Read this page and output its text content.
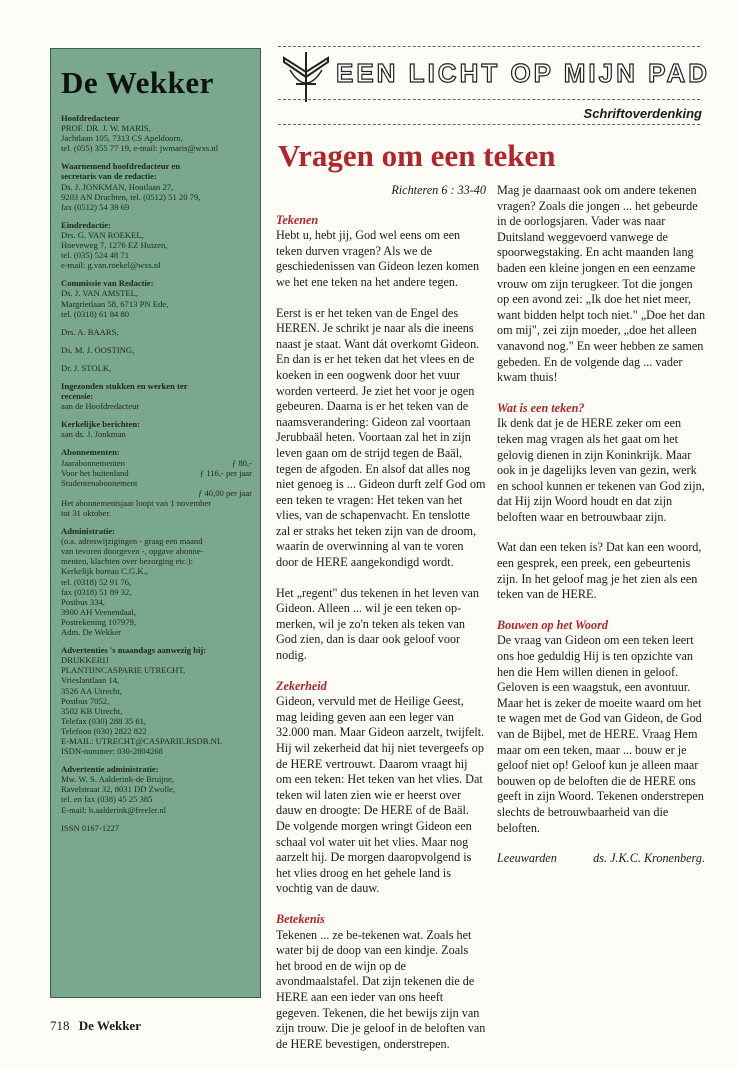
De Wekker
Hoofdredacteur
PROF. DR. J. W. MARIS,
Jachtlaan 105, 7313 CS Apeldoorn,
tel. (055) 355 77 19, e-mail: jwmaris@wxs.nl
Waarnemend hoofdredacteur en
secretaris van de redactie:
Ds. J. JONKMAN, Houtlaan 27,
9203 AN Drachten, tel. (0512) 51 20 79,
fax (0512) 54 39 69
Eindredactie:
Drs. G. VAN ROEKEL,
Hoeveweg 7, 1276 EZ Huizen,
tel. (035) 524 48 71
e-mail: g.van.roekel@wxs.nl
Commissie van Redactie:
Ds. J. VAN AMSTEL,
Margrietlaan 58, 6713 PN Ede,
tel. (0318) 61 84 80
Drs. A. BAARS,
Ds. M. J. OOSTING,
Dr. J. STOLK,
Ingezonden stukken en werken ter
recensie:
aan de Hoofdredacteur
Kerkelijke berichten:
aan ds. J. Jonkman
Abonnementen:
Jaarabonnementen	ƒ 80,-
Voor het buitenland	ƒ 116,- per jaar
Studentenabonnement
ƒ 40,00 per jaar
Het abonnementsjaar loopt van 1 november
tot 31 oktober.
Administratie:
(o.a. adreswijzigingen - graag een maand
van tevoren doorgeven -, opgave abonne-
menten, klachten over bezorging etc.):
Kerkelijk bureau C.G.K.,
tel. (0318) 52 91 76,
fax (0318) 51 89 32,
Postbus 334,
3900 AH Veenendaal,
Postrekening 107979,
Adm. De Wekker
Advertenties 's maandags aanwezig bij:
DRUKKERIJ
PLANTIJNCASPARIE UTRECHT,
Vrieslantlaan 14,
3526 AA Utrecht,
Postbus 7052,
3502 KB Utrecht,
Telefax (030) 288 35 61,
Telefoon (030) 2822 822
E-MAIL: UTRECHT@CASPARIE.RSDB.NL
ISDN-nummer: 030-2804268
Advertentie administratie:
Mw. W. S. Aalderink-de Bruijne,
Ravelstraat 32, 8031 DD Zwolle,
tel. en fax (038) 45 25 385
E-mail: h.aalderink@freeler.nl
ISSN 0167-1227
718 De Wekker
EEN LICHT OP MIJN PAD
Schriftoverdenking
Vragen om een teken

Richteren 6 : 33-40

Tekenen

Hebt u, hebt jij, God wel eens om een teken durven vragen? Als we de geschiedenissen van Gideon lezen komen we het ene teken na het andere tegen.

Eerst is er het teken van de Engel des HEREN. Je schrikt je naar als die ineens naast je staat. Want dát overkomt Gideon. En dan is er het teken dat het vlees en de koeken in een oogwenk door het vuur worden verteerd. Je ziet het voor je ogen gebeuren. Daarna is er het teken van de naamsverandering: Gideon zal voortaan Jerubbaäl heten. Voortaan zal het in zijn leven gaan om de strijd tegen de Baäl, tegen de afgoden. En alsof dat alles nog niet genoeg is ... Gideon durft zelf God om een teken te vragen: Het teken van het vlies, van de schapenvacht. En tenslotte zal er straks het teken zijn van de droom, waarin de overwinning al van te voren door de HERE aangekondigd wordt.

Het „regent" dus tekenen in het leven van Gideon. Alleen ... wil je een teken op-merken, wil je zo'n teken als teken van God zien, dan is daar ook geloof voor nodig.

Zekerheid

Gideon, vervuld met de Heilige Geest, mag leiding geven aan een leger van 32.000 man. Maar Gideon aarzelt, twijfelt. Hij wil zekerheid dat hij niet tevergeefs op de HERE vertrouwt. Daarom vraagt hij om een teken: Het teken van het vlies. Dat teken wil laten zien wie er heerst over dauw en droogte: De HERE of de Baäl. De volgende morgen wringt Gideon een schaal vol water uit het vlies. Maar nog aarzelt hij. De morgen daaropvolgend is het vlies droog en het gehele land is vochtig van de dauw.

Betekenis

Tekenen ... ze be-tekenen wat. Zoals het water bij de doop van een kindje. Zoals het brood en de wijn op de avondmaalstafel. Dat zijn tekenen die de HERE aan een ieder van ons heeft gegeven. Tekenen, die het bewijs zijn van zijn trouw. Die je geloof in de beloften van de HERE bevestigen, onderstrepen.

Mag je daarnaast ook om andere tekenen vragen? Zoals die jongen ... het gebeurde in de oorlogsjaren. Vader was naar Duitsland weggevoerd vanwege de spoorwegstaking. En acht maanden lang baden een kleine jongen en een eenzame vrouw om zijn terugkeer. Tot die jongen op een avond zei: „Ik doe het niet meer, want bidden helpt toch niet." „Doe het dan om mij", zei zijn moeder, „doe het alleen vanavond nog." En weer hebben ze samen gebeden. En de volgende dag ... vader kwam thuis!

Wat is een teken?

Ik denk dat je de HERE zeker om een teken mag vragen als het gaat om het gelovig dienen in zijn Koninkrijk. Maar ook in je dagelijks leven van gezin, werk en school kunnen er tekenen van God zijn, dat Hij zijn Woord houdt en dat zijn beloften waar en betrouwbaar zijn.

Wat dan een teken is? Dat kan een woord, een gesprek, een preek, een gebeurtenis zijn. In het geloof mag je het zien als een teken van de HERE.

Bouwen op het Woord

De vraag van Gideon om een teken leert ons hoe geduldig Hij is ten opzichte van hen die Hem willen dienen in geloof. Geloven is een waagstuk, een avontuur. Maar het is zeker de moeite waard om het te wagen met de God van Gideon, de God van de Bijbel, met de HERE. Vraag Hem maar om een teken, maar ... bouw er je geloof niet op! Geloof kun je alleen maar bouwen op de beloften die de HERE ons geeft in zijn Woord. Tekenen onderstrepen slechts de betrouwbaarheid van die beloften.

Leeuwarden	ds. J.K.C. Kronenberg.
